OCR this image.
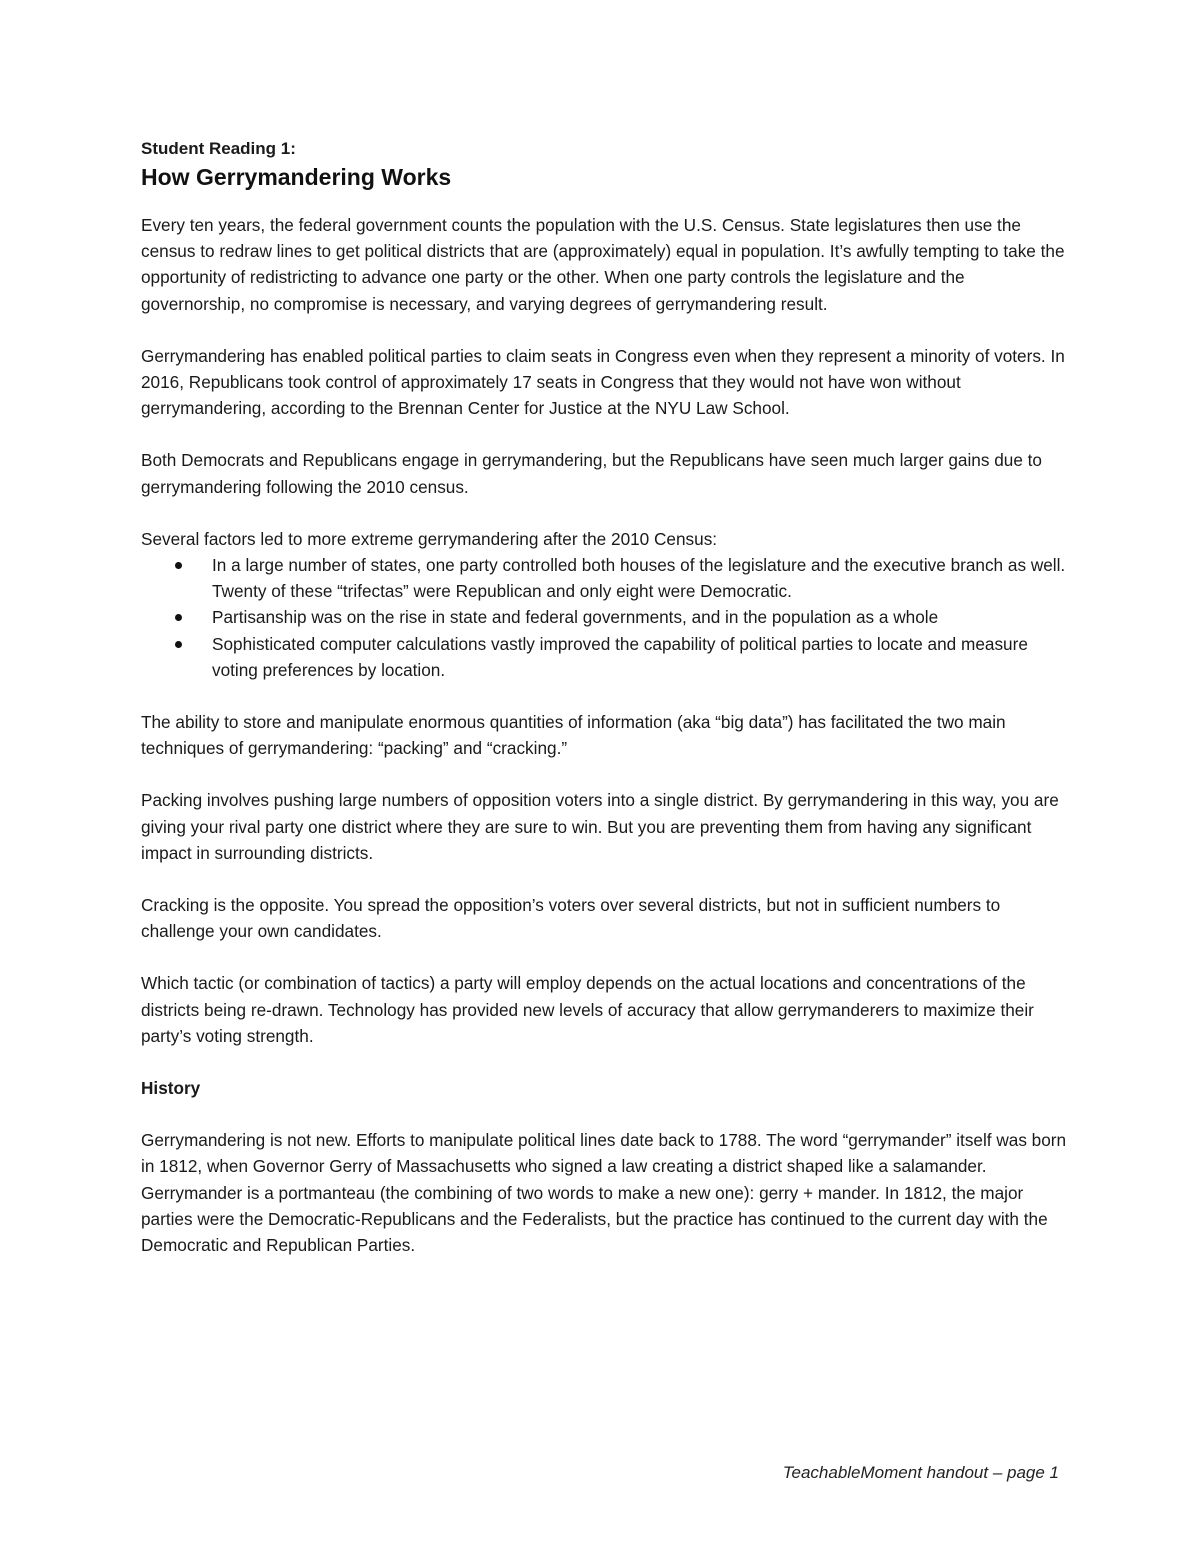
Student Reading 1:

How Gerrymandering Works

Every ten years, the federal government counts the population with the U.S. Census. State legislatures then use the census to redraw lines to get political districts that are (approximately) equal in population. It’s awfully tempting to take the opportunity of redistricting to advance one party or the other. When one party controls the legislature and the governorship, no compromise is necessary, and varying degrees of gerrymandering result.

Gerrymandering has enabled political parties to claim seats in Congress even when they represent a minority of voters. In 2016, Republicans took control of approximately 17 seats in Congress that they would not have won without gerrymandering, according to the Brennan Center for Justice at the NYU Law School.

Both Democrats and Republicans engage in gerrymandering, but the Republicans have seen much larger gains due to gerrymandering following the 2010 census.

Several factors led to more extreme gerrymandering after the 2010 Census:

In a large number of states, one party controlled both houses of the legislature and the executive branch as well. Twenty of these “trifectas” were Republican and only eight were Democratic.
Partisanship was on the rise in state and federal governments, and in the population as a whole
Sophisticated computer calculations vastly improved the capability of political parties to locate and measure voting preferences by location.

The ability to store and manipulate enormous quantities of information (aka “big data”) has facilitated the two main techniques of gerrymandering: “packing” and “cracking.”

Packing involves pushing large numbers of opposition voters into a single district. By gerrymandering in this way, you are giving your rival party one district where they are sure to win. But you are preventing them from having any significant impact in surrounding districts.

Cracking is the opposite. You spread the opposition’s voters over several districts, but not in sufficient numbers to challenge your own candidates.

Which tactic (or combination of tactics) a party will employ depends on the actual locations and concentrations of the districts being re-drawn. Technology has provided new levels of accuracy that allow gerrymanderers to maximize their party’s voting strength.

History

Gerrymandering is not new. Efforts to manipulate political lines date back to 1788. The word “gerrymander” itself was born in 1812, when Governor Gerry of Massachusetts who signed a law creating a district shaped like a salamander. Gerrymander is a portmanteau (the combining of two words to make a new one): gerry + mander. In 1812, the major parties were the Democratic-Republicans and the Federalists, but the practice has continued to the current day with the Democratic and Republican Parties.

TeachableMoment handout – page 1
